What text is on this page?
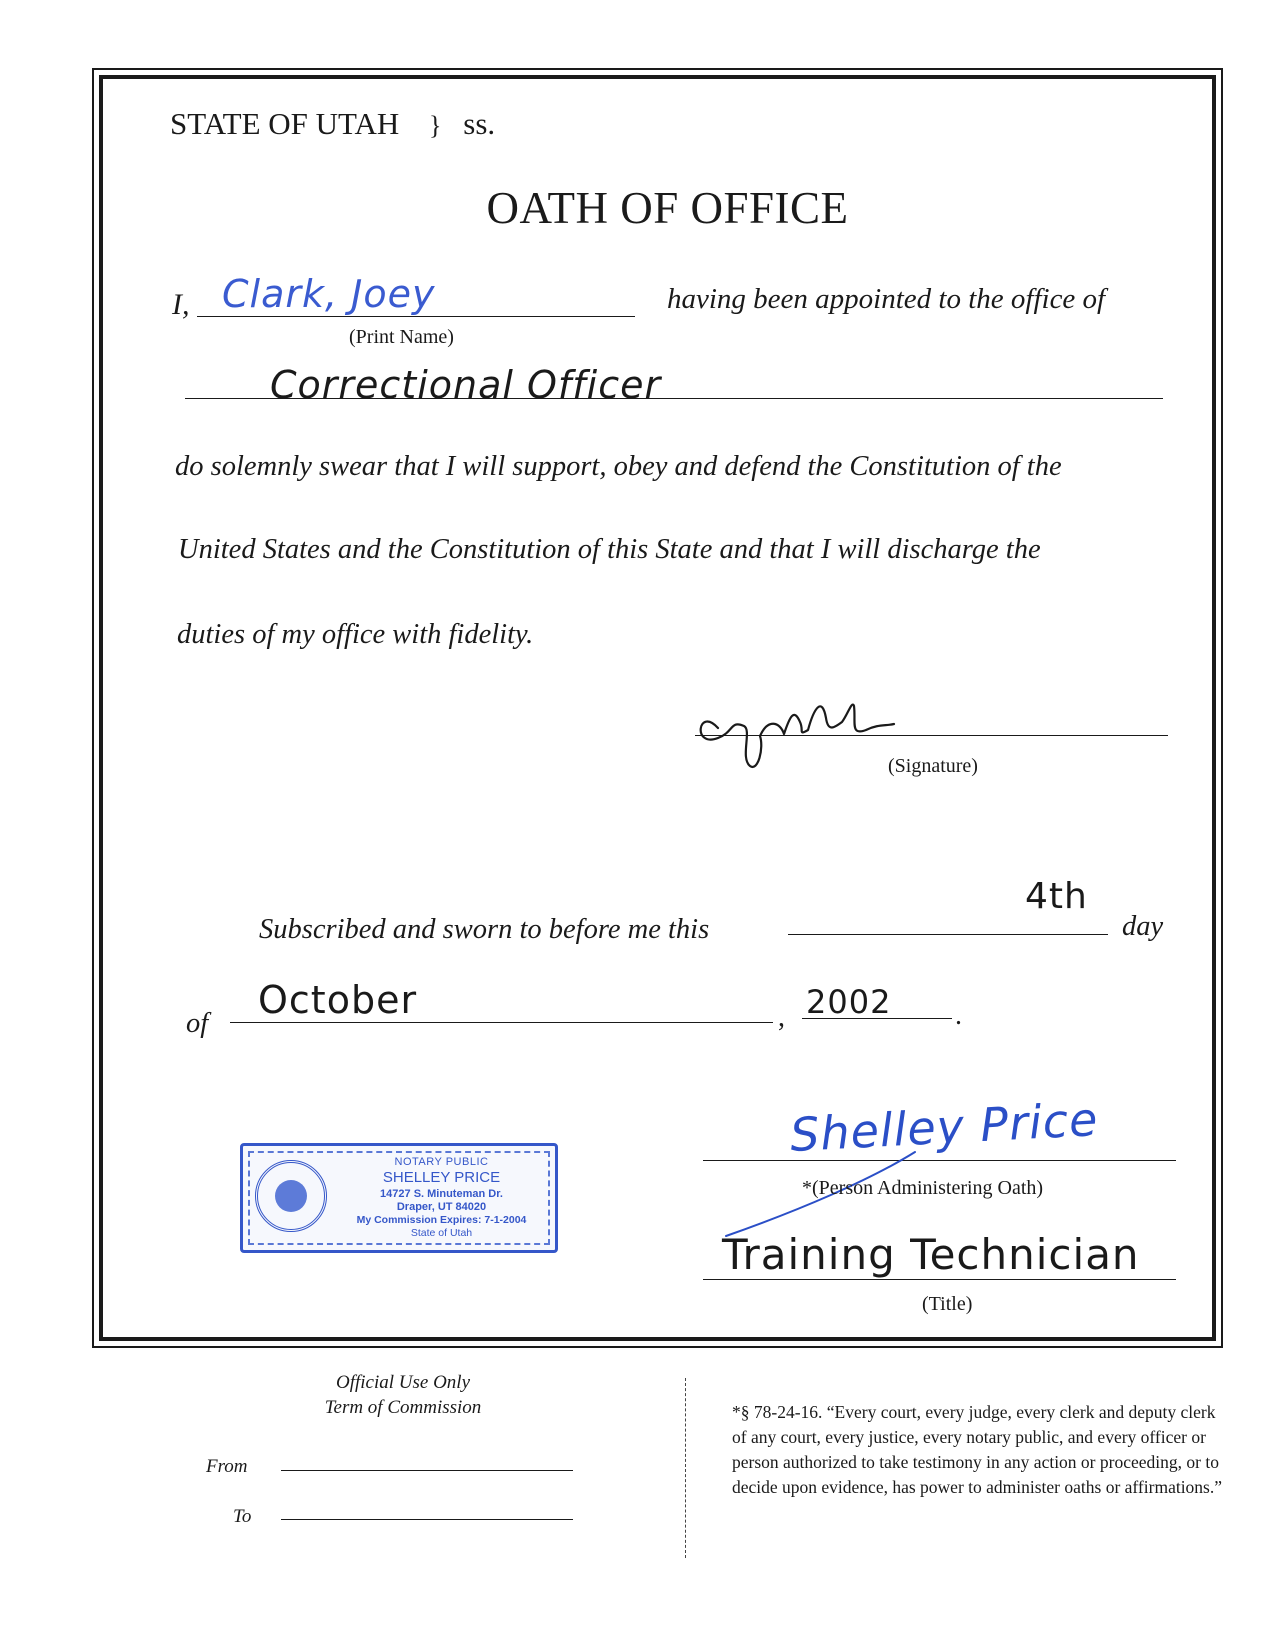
STATE OF UTAH } ss.
OATH OF OFFICE
I, Clark, Joey
(Print Name)
having been appointed to the office of
Correctional Officer
do solemnly swear that I will support, obey and defend the Constitution of the
United States and the Constitution of this State and that I will discharge the
duties of my office with fidelity.
(Signature)
Subscribed and sworn to before me this
4th
day
of
October	, 2002 .
NOTARY PUBLIC
SHELLEY PRICE
14727 S. Minuteman Dr.
Draper, UT 84020
My Commission Expires: 7-1-2004
State of Utah
Shelley Price
*(Person Administering Oath)
Training Technician
(Title)
Official Use Only
Term of Commission
From
To
*§ 78-24-16. “Every court, every judge, every clerk and deputy clerk of any court, every justice, every notary public, and every officer or person authorized to take testimony in any action or proceeding, or to decide upon evidence, has power to administer oaths or affirmations.”
